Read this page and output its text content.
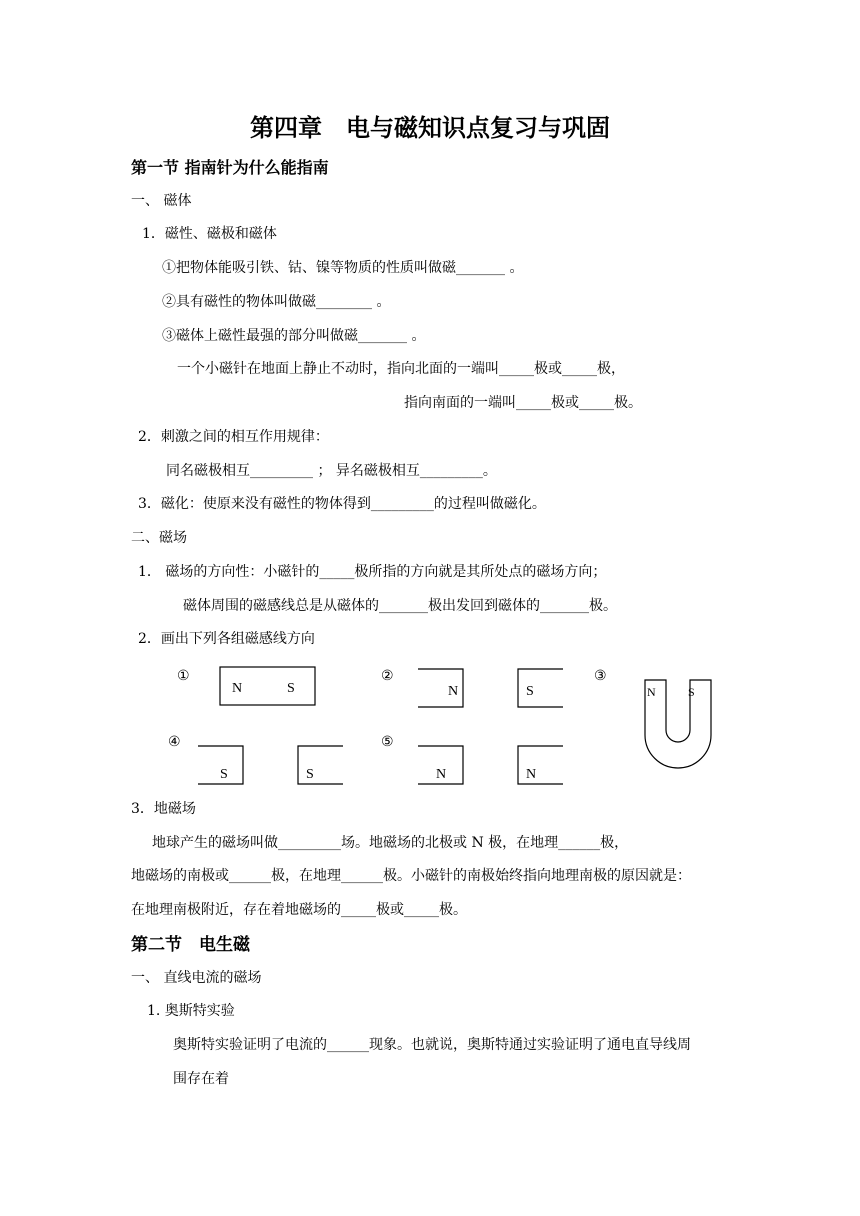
第四章　电与磁知识点复习与巩固
第一节 指南针为什么能指南
一、 磁体
1．磁性、磁极和磁体
①把物体能吸引铁、钴、镍等物质的性质叫做磁_______ 。
②具有磁性的物体叫做磁________ 。
③磁体上磁性最强的部分叫做磁_______ 。
一个小磁针在地面上静止不动时，指向北面的一端叫_____极或_____极，
指向南面的一端叫_____极或_____极。
2．刺激之间的相互作用规律：
同名磁极相互_________ ； 异名磁极相互_________。
3．磁化：使原来没有磁性的物体得到_________的过程叫做磁化。
二、磁场
1． 磁场的方向性：小磁针的_____极所指的方向就是其所处点的磁场方向；
磁体周围的磁感线总是从磁体的_______极出发回到磁体的_______极。
2．画出下列各组磁感线方向
①
N	S
②
N	S
③
N	S
④
S	S
⑤
N	N
3．地磁场
地球产生的磁场叫做_________场。地磁场的北极或 N 极，在地理______极，
地磁场的南极或______极，在地理______极。小磁针的南极始终指向地理南极的原因就是：
在地理南极附近，存在着地磁场的_____极或_____极。
第二节　电生磁
一、 直线电流的磁场
1. 奥斯特实验
奥斯特实验证明了电流的______现象。也就说，奥斯特通过实验证明了通电直导线周
围存在着
